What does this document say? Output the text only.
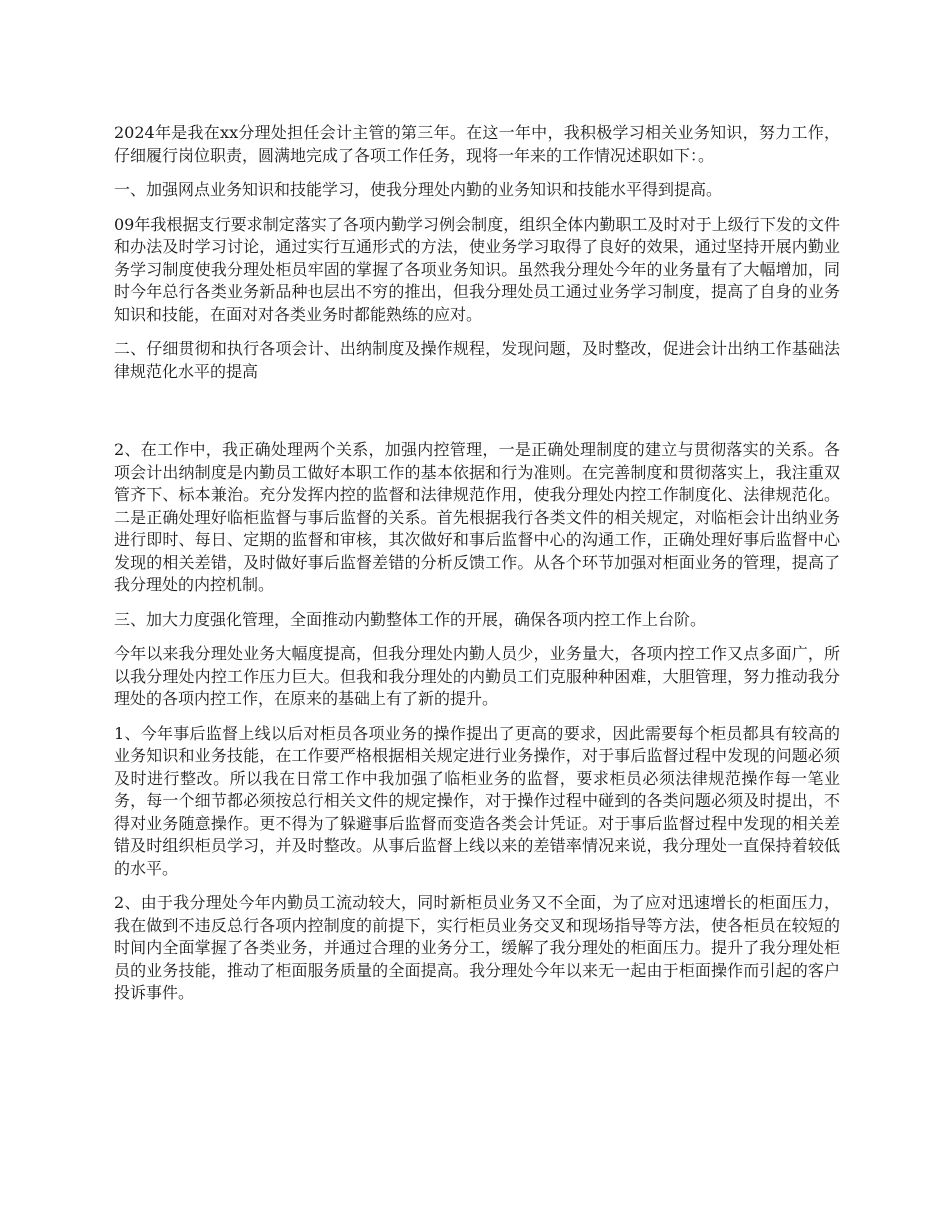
2024年是我在xx分理处担任会计主管的第三年。在这一年中，我积极学习相关业务知识，努力工作，仔细履行岗位职责，圆满地完成了各项工作任务，现将一年来的工作情况述职如下：。

一、加强网点业务知识和技能学习，使我分理处内勤的业务知识和技能水平得到提高。

09年我根据支行要求制定落实了各项内勤学习例会制度，组织全体内勤职工及时对于上级行下发的文件和办法及时学习讨论，通过实行互通形式的方法，使业务学习取得了良好的效果，通过坚持开展内勤业务学习制度使我分理处柜员牢固的掌握了各项业务知识。虽然我分理处今年的业务量有了大幅增加，同时今年总行各类业务新品种也层出不穷的推出，但我分理处员工通过业务学习制度，提高了自身的业务知识和技能，在面对对各类业务时都能熟练的应对。

二、仔细贯彻和执行各项会计、出纳制度及操作规程，发现问题，及时整改，促进会计出纳工作基础法律规范化水平的提高

2、在工作中，我正确处理两个关系，加强内控管理，一是正确处理制度的建立与贯彻落实的关系。各项会计出纳制度是内勤员工做好本职工作的基本依据和行为准则。在完善制度和贯彻落实上，我注重双管齐下、标本兼治。充分发挥内控的监督和法律规范作用，使我分理处内控工作制度化、法律规范化。二是正确处理好临柜监督与事后监督的关系。首先根据我行各类文件的相关规定，对临柜会计出纳业务进行即时、每日、定期的监督和审核，其次做好和事后监督中心的沟通工作，正确处理好事后监督中心发现的相关差错，及时做好事后监督差错的分析反馈工作。从各个环节加强对柜面业务的管理，提高了我分理处的内控机制。

三、加大力度强化管理，全面推动内勤整体工作的开展，确保各项内控工作上台阶。

今年以来我分理处业务大幅度提高，但我分理处内勤人员少，业务量大，各项内控工作又点多面广，所以我分理处内控工作压力巨大。但我和我分理处的内勤员工们克服种种困难，大胆管理，努力推动我分理处的各项内控工作，在原来的基础上有了新的提升。

1、今年事后监督上线以后对柜员各项业务的操作提出了更高的要求，因此需要每个柜员都具有较高的业务知识和业务技能，在工作要严格根据相关规定进行业务操作，对于事后监督过程中发现的问题必须及时进行整改。所以我在日常工作中我加强了临柜业务的监督，要求柜员必须法律规范操作每一笔业务，每一个细节都必须按总行相关文件的规定操作，对于操作过程中碰到的各类问题必须及时提出，不得对业务随意操作。更不得为了躲避事后监督而变造各类会计凭证。对于事后监督过程中发现的相关差错及时组织柜员学习，并及时整改。从事后监督上线以来的差错率情况来说，我分理处一直保持着较低的水平。

2、由于我分理处今年内勤员工流动较大，同时新柜员业务又不全面，为了应对迅速增长的柜面压力，我在做到不违反总行各项内控制度的前提下，实行柜员业务交叉和现场指导等方法，使各柜员在较短的时间内全面掌握了各类业务，并通过合理的业务分工，缓解了我分理处的柜面压力。提升了我分理处柜员的业务技能，推动了柜面服务质量的全面提高。我分理处今年以来无一起由于柜面操作而引起的客户投诉事件。
